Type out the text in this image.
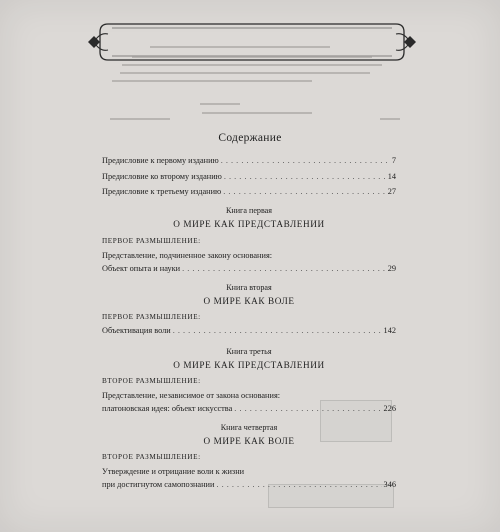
Содержание
Предисловие к первому изданию . . .	7
Предисловие ко второму изданию . . .	14
Предисловие к третьему изданию . . .	27
Книга первая
О МИРЕ КАК ПРЕДСТАВЛЕНИИ
ПЕРВОЕ РАЗМЫШЛЕНИЕ:
Представление, подчиненное закону основания:
Объект опыта и науки . . .	29
Книга вторая
О МИРЕ КАК ВОЛЕ
ПЕРВОЕ РАЗМЫШЛЕНИЕ:
Объективация воли . . .	142
Книга третья
О МИРЕ КАК ПРЕДСТАВЛЕНИИ
ВТОРОЕ РАЗМЫШЛЕНИЕ:
Представление, независимое от закона основания:
платоновская идея: объект искусства . . .	226
Книга четвертая
О МИРЕ КАК ВОЛЕ
ВТОРОЕ РАЗМЫШЛЕНИЕ:
Утверждение и отрицание воли к жизни
при достигнутом самопознании . . .	346
